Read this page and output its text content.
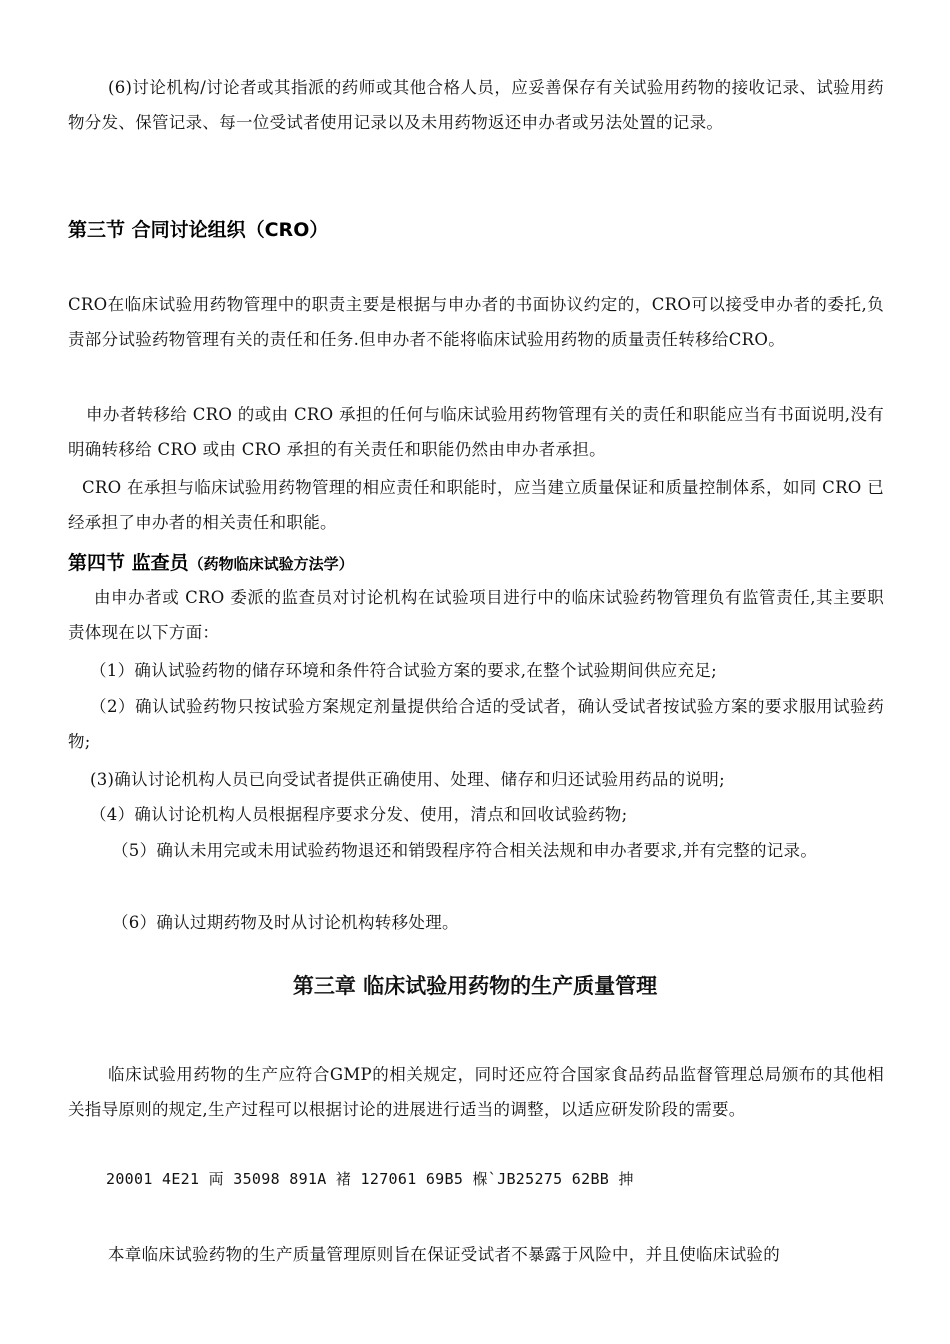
(6)讨论机构/讨论者或其指派的药师或其他合格人员，应妥善保存有关试验用药物的接收记录、试验用药物分发、保管记录、每一位受试者使用记录以及未用药物返还申办者或另法处置的记录。
第三节 合同讨论组织（CRO）
CRO在临床试验用药物管理中的职责主要是根据与申办者的书面协议约定的，CRO可以接受申办者的委托,负责部分试验药物管理有关的责任和任务.但申办者不能将临床试验用药物的质量责任转移给CRO。
申办者转移给 CRO 的或由 CRO 承担的任何与临床试验用药物管理有关的责任和职能应当有书面说明,没有明确转移给 CRO 或由 CRO 承担的有关责任和职能仍然由申办者承担。
CRO 在承担与临床试验用药物管理的相应责任和职能时，应当建立质量保证和质量控制体系，如同 CRO 已经承担了申办者的相关责任和职能。
第四节 监查员（药物临床试验方法学）
由申办者或 CRO 委派的监查员对讨论机构在试验项目进行中的临床试验药物管理负有监管责任,其主要职责体现在以下方面：
（1）确认试验药物的储存环境和条件符合试验方案的要求,在整个试验期间供应充足;
（2）确认试验药物只按试验方案规定剂量提供给合适的受试者，确认受试者按试验方案的要求服用试验药物;
(3)确认讨论机构人员已向受试者提供正确使用、处理、储存和归还试验用药品的说明;
（4）确认讨论机构人员根据程序要求分发、使用，清点和回收试验药物;
（5）确认未用完或未用试验药物退还和销毁程序符合相关法规和申办者要求,并有完整的记录。
（6）确认过期药物及时从讨论机构转移处理。
第三章 临床试验用药物的生产质量管理
临床试验用药物的生产应符合GMP的相关规定，同时还应符合国家食品药品监督管理总局颁布的其他相关指导原则的规定,生产过程可以根据讨论的进展进行适当的调整，以适应研发阶段的需要。
20001 4E21 両 35098 891A 褚 127061 69B5 椺`JB25275 62BB 抻
本章临床试验药物的生产质量管理原则旨在保证受试者不暴露于风险中，并且使临床试验的
